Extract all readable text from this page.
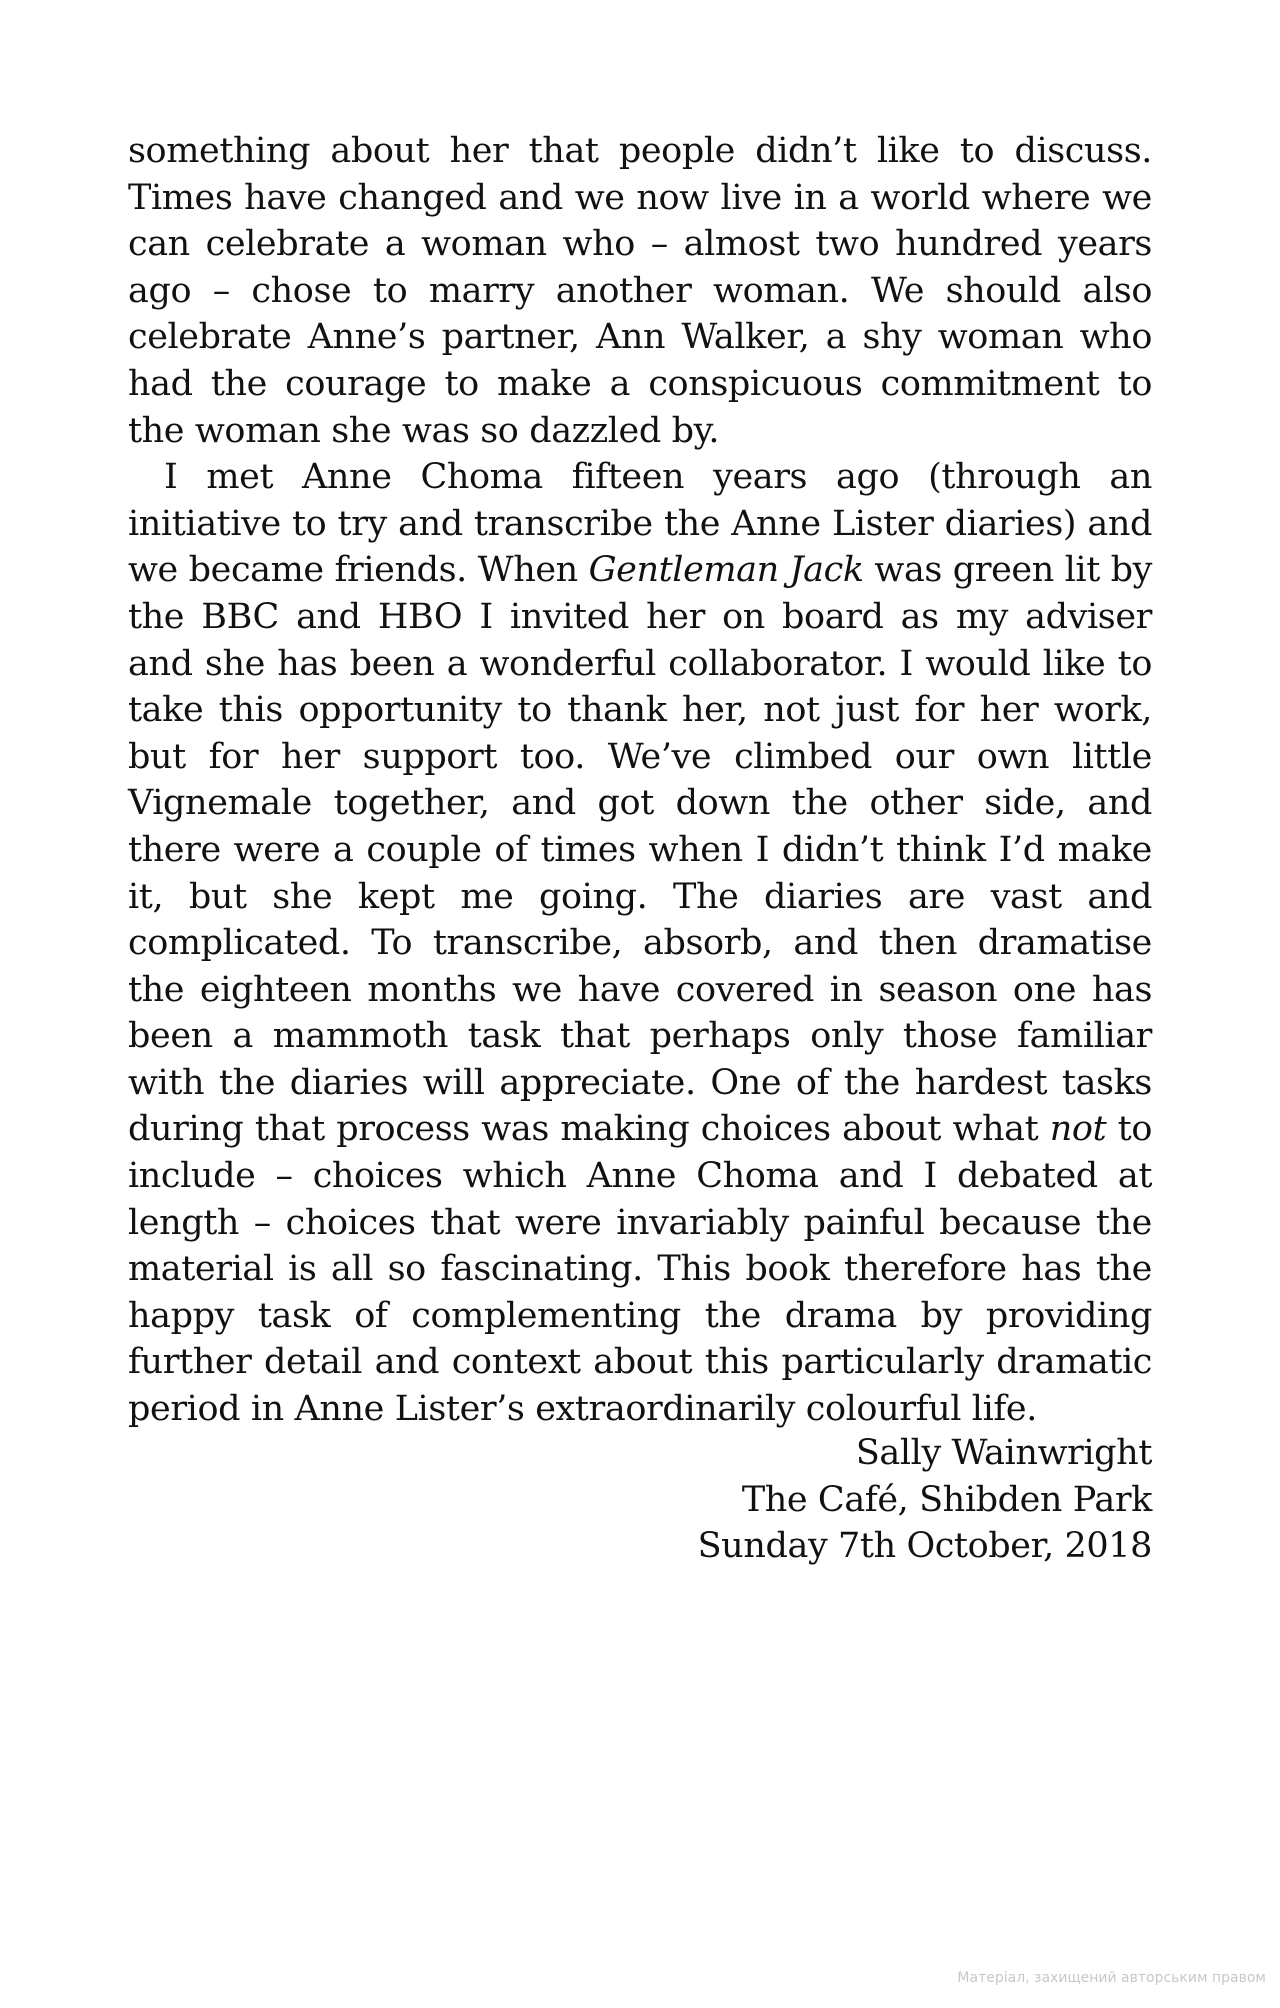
something about her that people didn’t like to discuss. Times have changed and we now live in a world where we can celebrate a woman who – almost two hundred years ago – chose to marry another woman. We should also celebrate Anne’s partner, Ann Walker, a shy woman who had the courage to make a conspicuous commitment to the woman she was so dazzled by.

I met Anne Choma fifteen years ago (through an initiative to try and transcribe the Anne Lister diaries) and we became friends. When Gentleman Jack was green lit by the BBC and HBO I invited her on board as my adviser and she has been a wonderful collaborator. I would like to take this opportunity to thank her, not just for her work, but for her support too. We’ve climbed our own little Vignemale together, and got down the other side, and there were a couple of times when I didn’t think I’d make it, but she kept me going. The diaries are vast and complicated. To transcribe, absorb, and then dramatise the eighteen months we have covered in season one has been a mammoth task that perhaps only those familiar with the diaries will appreciate. One of the hardest tasks during that process was making choices about what not to include – choices which Anne Choma and I debated at length – choices that were invariably painful because the material is all so fascinating. This book therefore has the happy task of complementing the drama by providing further detail and context about this particularly dramatic period in Anne Lister’s extraordinarily colourful life.

Sally Wainwright
The Café, Shibden Park
Sunday 7th October, 2018
Матеріал, захищений авторським правом
